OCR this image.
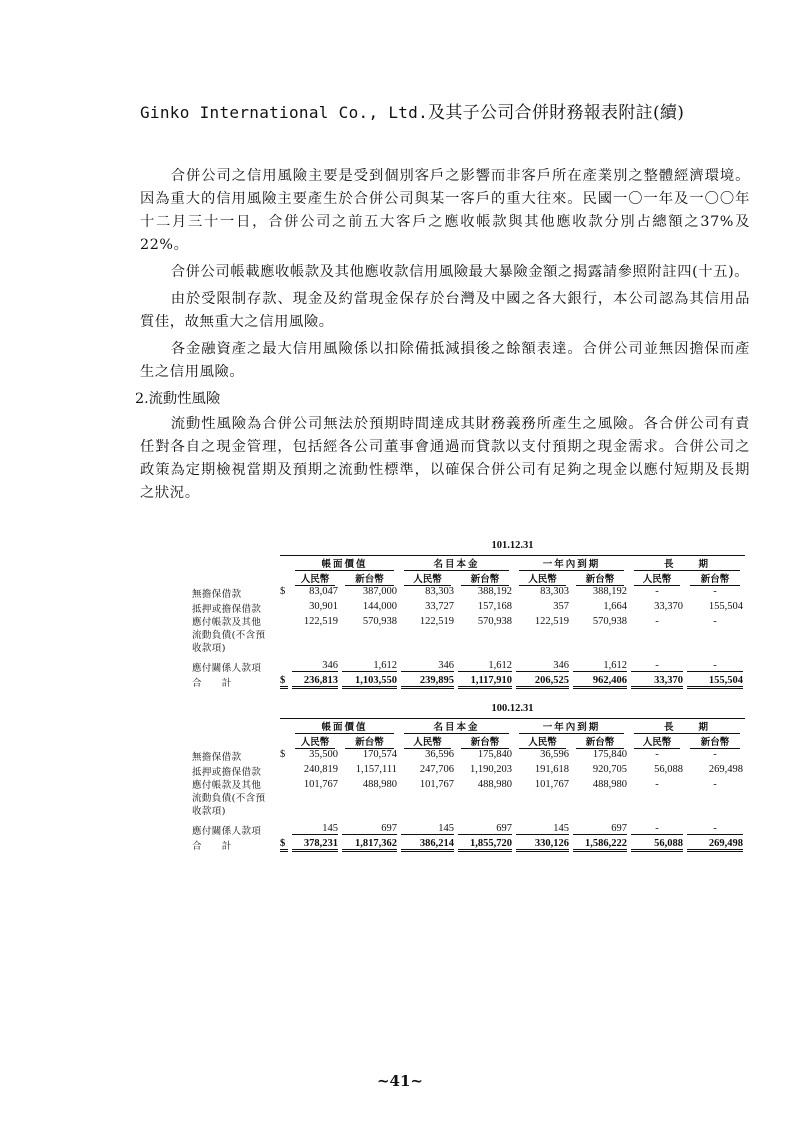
Ginko International Co., Ltd.及其子公司合併財務報表附註(續)

合併公司之信用風險主要是受到個別客戶之影響而非客戶所在產業別之整體經濟環境。因為重大的信用風險主要產生於合併公司與某一客戶的重大往來。民國一〇一年及一〇〇年十二月三十一日，合併公司之前五大客戶之應收帳款與其他應收款分別占總額之37%及22%。

合併公司帳載應收帳款及其他應收款信用風險最大暴險金額之揭露請參照附註四(十五)。

由於受限制存款、現金及約當現金保存於台灣及中國之各大銀行，本公司認為其信用品質佳，故無重大之信用風險。

各金融資產之最大信用風險係以扣除備抵減損後之餘額表達。合併公司並無因擔保而產生之信用風險。

2.流動性風險

流動性風險為合併公司無法於預期時間達成其財務義務所產生之風險。各合併公司有責任對各自之現金管理，包括經各公司董事會通過而貸款以支付預期之現金需求。合併公司之政策為定期檢視當期及預期之流動性標準，以確保合併公司有足夠之現金以應付短期及長期之狀況。

	101.12.31								

		帳面價值		名目本金		一年內到期		長　　期	

		人民幣	新台幣	人民幣	新台幣	人民幣	新台幣	人民幣	新台幣

無擔保借款	$	83,047	387,000	83,303	388,192	83,303	388,192	-	-
抵押或擔保借款		30,901	144,000	33,727	157,168	357	1,664	33,370	155,504
應付帳款及其他流動負債(不含預收款項)		122,519	570,938	122,519	570,938	122,519	570,938	-	-
應付關係人款項		346	1,612	346	1,612	346	1,612	-	-

合　　計	$	236,813	1,103,550	239,895	1,117,910	206,525	962,406	33,370	155,504
	100.12.31								

		帳面價值		名目本金		一年內到期		長　　期	

		人民幣	新台幣	人民幣	新台幣	人民幣	新台幣	人民幣	新台幣

無擔保借款	$	35,500	170,574	36,596	175,840	36,596	175,840	-	-
抵押或擔保借款		240,819	1,157,111	247,706	1,190,203	191,618	920,705	56,088	269,498
應付帳款及其他流動負債(不含預收款項)		101,767	488,980	101,767	488,980	101,767	488,980	-	-
應付關係人款項		145	697	145	697	145	697	-	-

合　　計	$	378,231	1,817,362	386,214	1,855,720	330,126	1,586,222	56,088	269,498
~41~
